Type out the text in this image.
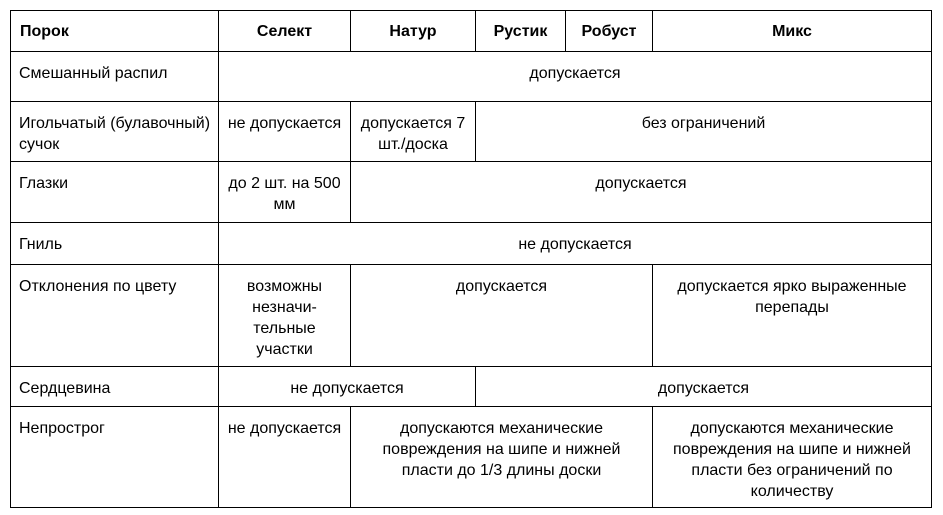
Порок	Селект	Натур	Рустик	Робуст	Микс
Смешанный распил	допускается				
Игольчатый (булавочный) сучок	не допускается	допускается 7 шт./доска	без ограничений		
Глазки	до 2 шт. на 500 мм	допускается			
Гниль	не допускается				
Отклонения по цвету	возможны незначи- тельные участки	допускается			допускается ярко выраженные перепады
Сердцевина	не допускается		допускается		
Непрострог	не допускается	допускаются механические повреждения на шипе и нижней пласти до 1/3 длины доски			допускаются механические повреждения на шипе и нижней пласти без ограничений по количеству
